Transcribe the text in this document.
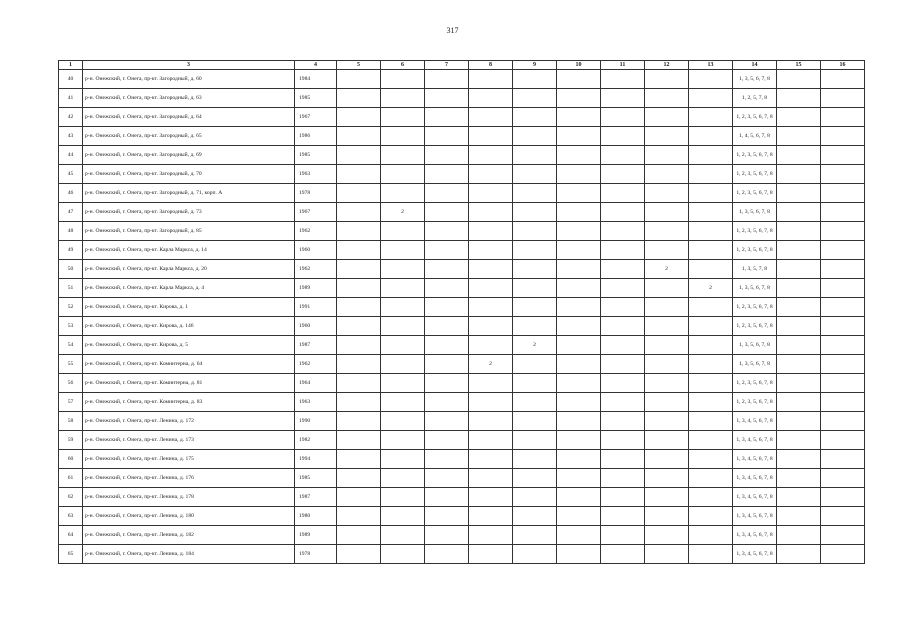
317
1	3	4	5	6	7	8	9	10	11	12	13	14	15	16
40	р-н. Онежский, г. Онега, пр-кт. Загородный, д. 60	1984										1, 3, 5, 6, 7, 8		
41	р-н. Онежский, г. Онега, пр-кт. Загородный, д. 63	1985										1, 2, 5, 7, 8		
42	р-н. Онежский, г. Онега, пр-кт. Загородный, д. 64	1967										1, 2, 3, 5, 6, 7, 8		
43	р-н. Онежский, г. Онега, пр-кт. Загородный, д. 65	1986										1, 4, 5, 6, 7, 8		
44	р-н. Онежский, г. Онега, пр-кт. Загородный, д. 69	1985										1, 2, 3, 5, 6, 7, 8		
45	р-н. Онежский, г. Онега, пр-кт. Загородный, д. 70	1963										1, 2, 3, 5, 6, 7, 8		
46	р-н. Онежский, г. Онега, пр-кт. Загородный, д. 71, корп. А	1978										1, 2, 3, 5, 6, 7, 8		
47	р-н. Онежский, г. Онега, пр-кт. Загородный, д. 73	1967		2								1, 3, 5, 6, 7, 8		
48	р-н. Онежский, г. Онега, пр-кт. Загородный, д. 85	1962										1, 2, 3, 5, 6, 7, 8		
49	р-н. Онежский, г. Онега, пр-кт. Карла Маркса, д. 14	1960										1, 2, 3, 5, 6, 7, 8		
50	р-н. Онежский, г. Онега, пр-кт. Карла Маркса, д. 20	1962								2		1, 3, 5, 7, 8		
51	р-н. Онежский, г. Онега, пр-кт. Карла Маркса, д. 4	1989									2	1, 3, 5, 6, 7, 8		
52	р-н. Онежский, г. Онега, пр-кт. Кирова, д. 1	1991										1, 2, 3, 5, 6, 7, 8		
53	р-н. Онежский, г. Онега, пр-кт. Кирова, д. 146	1960										1, 2, 3, 5, 6, 7, 8		
54	р-н. Онежский, г. Онега, пр-кт. Кирова, д. 5	1987					2					1, 3, 5, 6, 7, 8		
55	р-н. Онежский, г. Онега, пр-кт. Коминтерна, д. 64	1962				2						1, 3, 5, 6, 7, 8		
56	р-н. Онежский, г. Онега, пр-кт. Коминтерна, д. 81	1964										1, 2, 3, 5, 6, 7, 8		
57	р-н. Онежский, г. Онега, пр-кт. Коминтерна, д. 83	1963										1, 2, 3, 5, 6, 7, 8		
58	р-н. Онежский, г. Онега, пр-кт. Ленина, д. 172	1990										1, 3, 4, 5, 6, 7, 8		
59	р-н. Онежский, г. Онега, пр-кт. Ленина, д. 173	1982										1, 3, 4, 5, 6, 7, 8		
60	р-н. Онежский, г. Онега, пр-кт. Ленина, д. 175	1994										1, 3, 4, 5, 6, 7, 8		
61	р-н. Онежский, г. Онега, пр-кт. Ленина, д. 176	1985										1, 3, 4, 5, 6, 7, 8		
62	р-н. Онежский, г. Онега, пр-кт. Ленина, д. 178	1987										1, 3, 4, 5, 6, 7, 8		
63	р-н. Онежский, г. Онега, пр-кт. Ленина, д. 180	1980										1, 3, 4, 5, 6, 7, 8		
64	р-н. Онежский, г. Онега, пр-кт. Ленина, д. 182	1989										1, 3, 4, 5, 6, 7, 8		
65	р-н. Онежский, г. Онега, пр-кт. Ленина, д. 184	1978										1, 3, 4, 5, 6, 7, 8		
